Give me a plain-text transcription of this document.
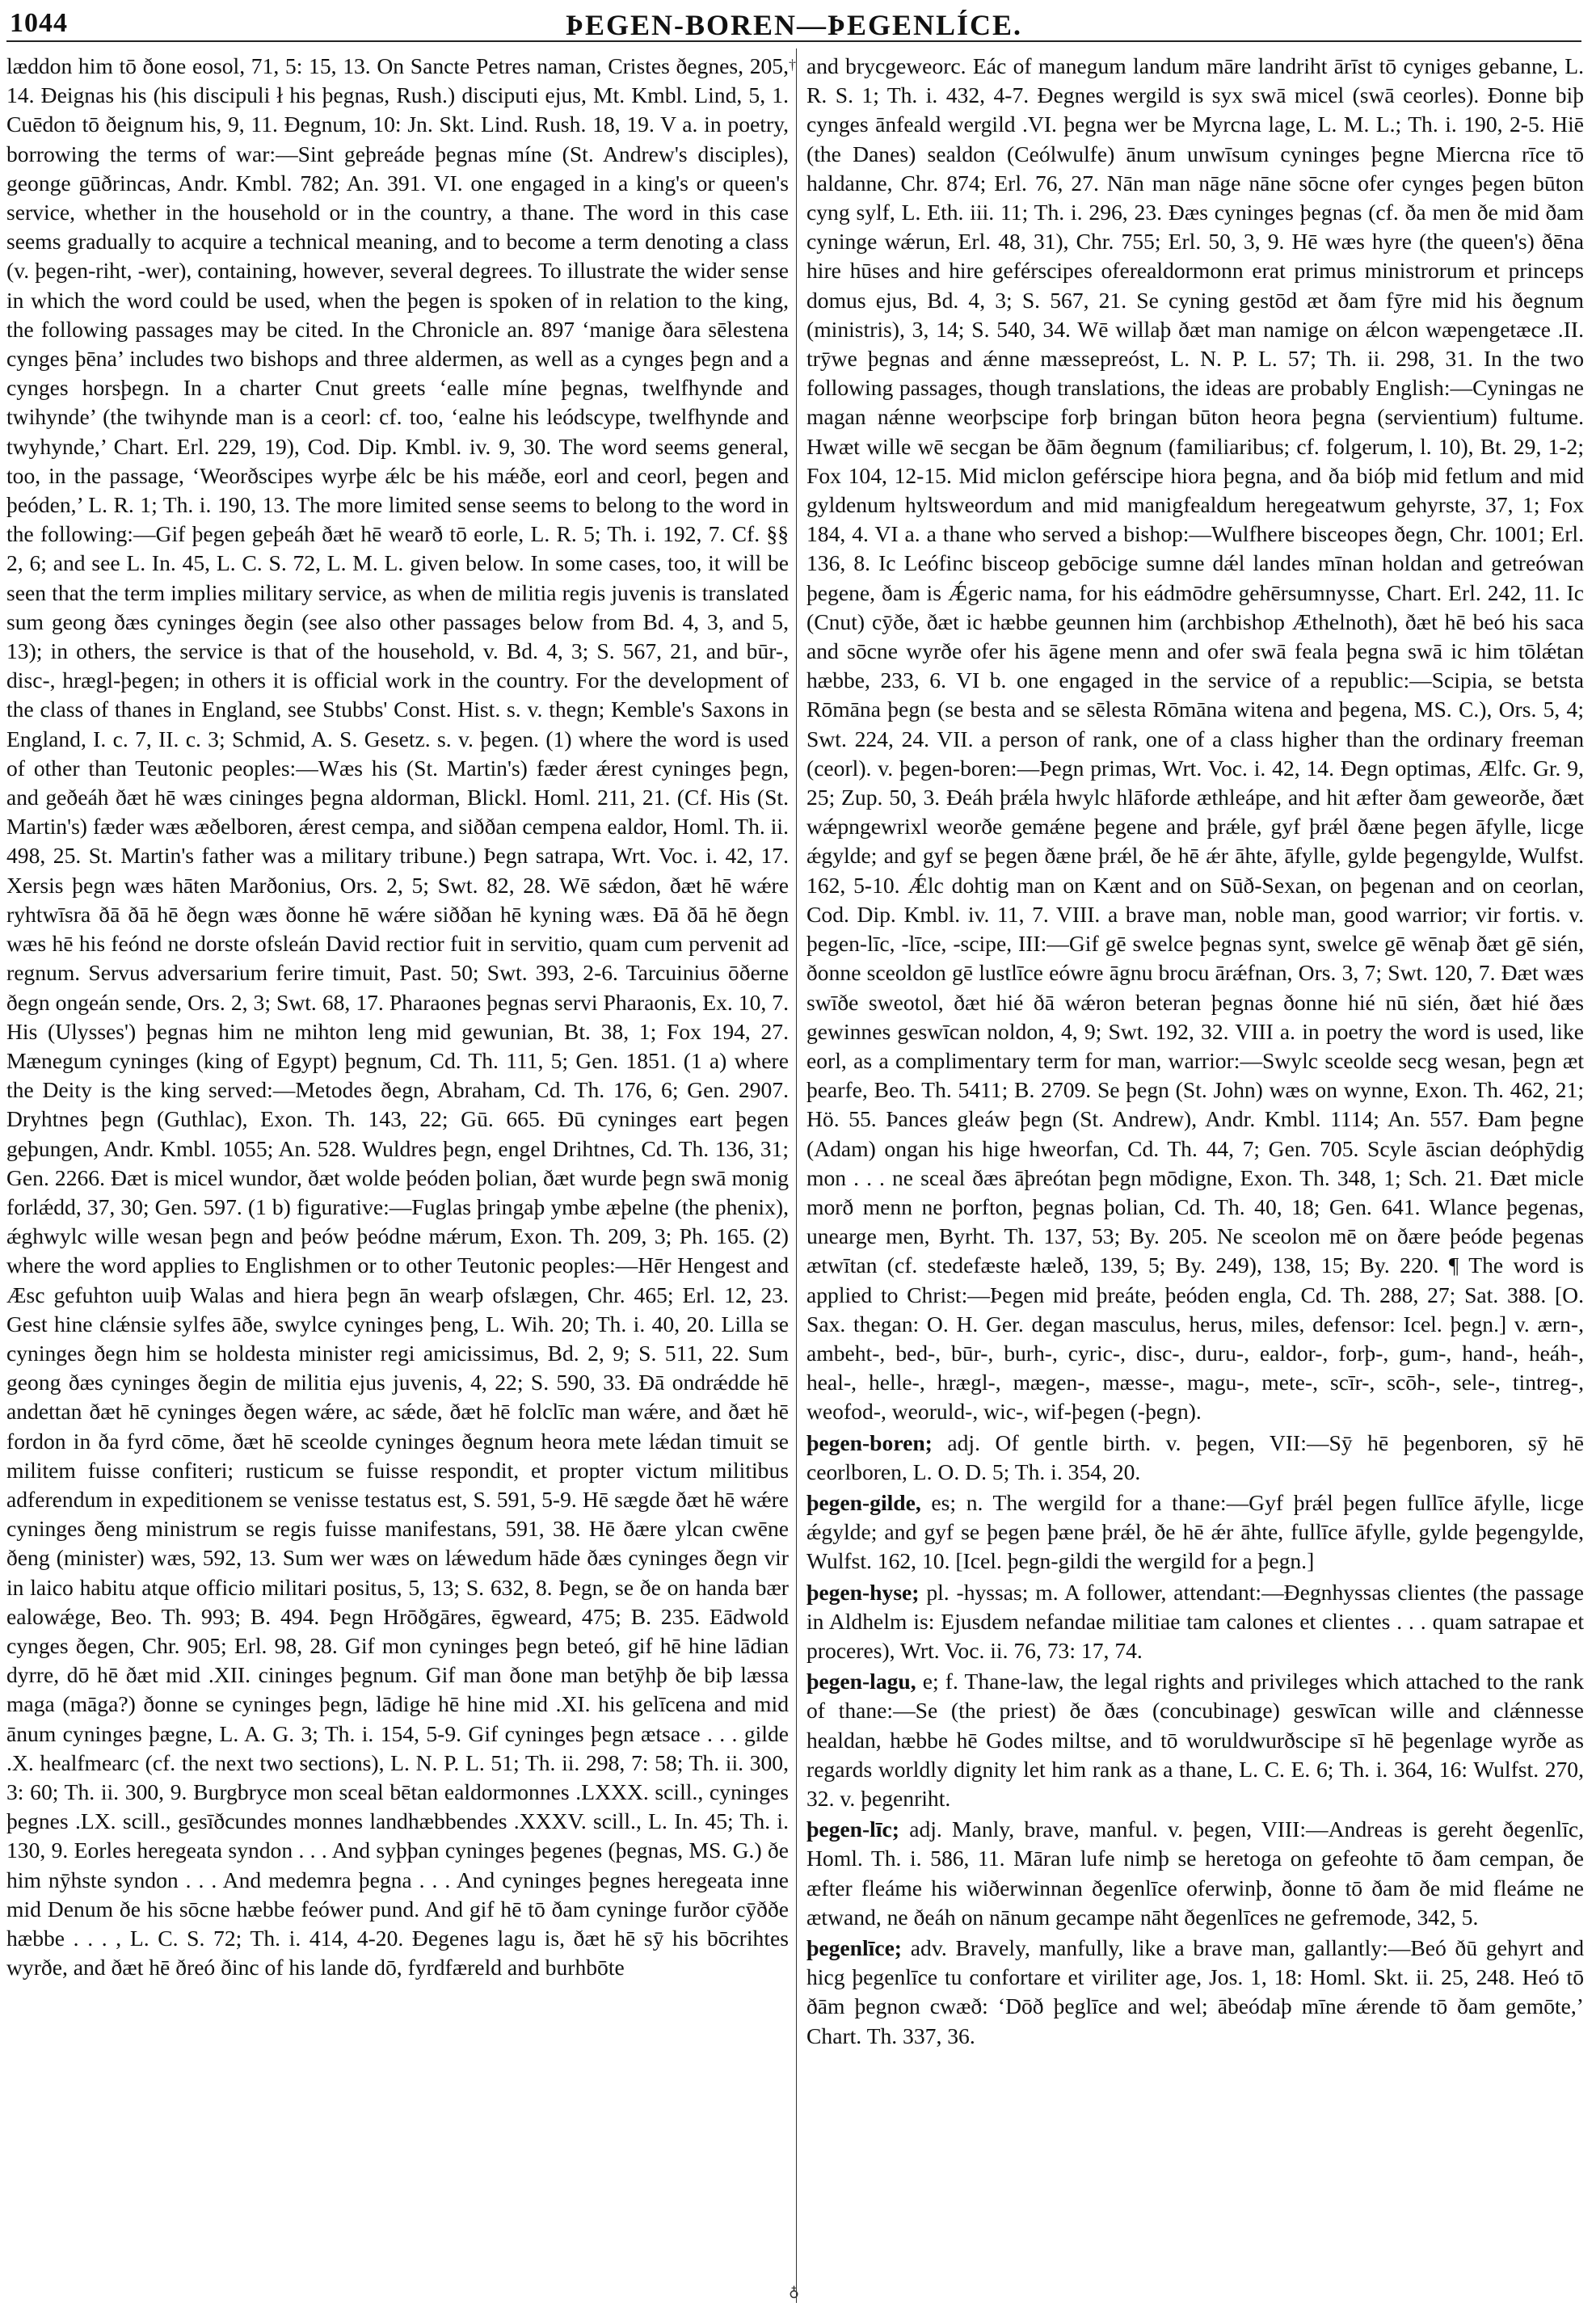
1044	ÞEGEN-BOREN—ÞEGENLÍCE.
†
♁

læddon him tō ðone eosol, 71, 5: 15, 13. On Sancte Petres naman, Cristes ðegnes, 205, 14. Ðeignas his (his discipuli ł his þegnas, Rush.) disciputi ejus, Mt. Kmbl. Lind, 5, 1. Cuēdon tō ðeignum his, 9, 11. Ðegnum, 10: Jn. Skt. Lind. Rush. 18, 19. V a. in poetry, borrowing the terms of war:—Sint geþreáde þegnas míne (St. Andrew's disciples), geonge gūðrincas, Andr. Kmbl. 782; An. 391. VI. one engaged in a king's or queen's service, whether in the household or in the country, a thane. The word in this case seems gradually to acquire a technical meaning, and to become a term denoting a class (v. þegen-riht, -wer), containing, however, several degrees. To illustrate the wider sense in which the word could be used, when the þegen is spoken of in relation to the king, the following passages may be cited. In the Chronicle an. 897 ‘manige ðara sēlestena cynges þēna’ includes two bishops and three aldermen, as well as a cynges þegn and a cynges horsþegn. In a charter Cnut greets ‘ealle míne þegnas, twelfhynde and twihynde’ (the twihynde man is a ceorl: cf. too, ‘ealne his leódscype, twelfhynde and twyhynde,’ Chart. Erl. 229, 19), Cod. Dip. Kmbl. iv. 9, 30. The word seems general, too, in the passage, ‘Weorðscipes wyrþe ǽlc be his mǽðe, eorl and ceorl, þegen and þeóden,’ L. R. 1; Th. i. 190, 13. The more limited sense seems to belong to the word in the following:—Gif þegen geþeáh ðæt hē wearð tō eorle, L. R. 5; Th. i. 192, 7. Cf. §§ 2, 6; and see L. In. 45, L. C. S. 72, L. M. L. given below. In some cases, too, it will be seen that the term implies military service, as when de militia regis juvenis is translated sum geong ðæs cyninges ðegin (see also other passages below from Bd. 4, 3, and 5, 13); in others, the service is that of the household, v. Bd. 4, 3; S. 567, 21, and būr-, disc-, hrægl-þegen; in others it is official work in the country. For the development of the class of thanes in England, see Stubbs' Const. Hist. s. v. thegn; Kemble's Saxons in England, I. c. 7, II. c. 3; Schmid, A. S. Gesetz. s. v. þegen. (1) where the word is used of other than Teutonic peoples:—Wæs his (St. Martin's) fæder ǽrest cyninges þegn, and geðeáh ðæt hē wæs cininges þegna aldorman, Blickl. Homl. 211, 21. (Cf. His (St. Martin's) fæder wæs æðelboren, ǽrest cempa, and siððan cempena ealdor, Homl. Th. ii. 498, 25. St. Martin's father was a military tribune.) Þegn satrapa, Wrt. Voc. i. 42, 17. Xersis þegn wæs hāten Marðonius, Ors. 2, 5; Swt. 82, 28. Wē sǽdon, ðæt hē wǽre ryhtwīsra ðā ðā hē ðegn wæs ðonne hē wǽre siððan hē kyning wæs. Ðā ðā hē ðegn wæs hē his feónd ne dorste ofsleán David rectior fuit in servitio, quam cum pervenit ad regnum. Servus adversarium ferire timuit, Past. 50; Swt. 393, 2-6. Tarcuinius ōðerne ðegn ongeán sende, Ors. 2, 3; Swt. 68, 17. Pharaones þegnas servi Pharaonis, Ex. 10, 7. His (Ulysses') þegnas him ne mihton leng mid gewunian, Bt. 38, 1; Fox 194, 27. Mænegum cyninges (king of Egypt) þegnum, Cd. Th. 111, 5; Gen. 1851. (1 a) where the Deity is the king served:—Metodes ðegn, Abraham, Cd. Th. 176, 6; Gen. 2907. Dryhtnes þegn (Guthlac), Exon. Th. 143, 22; Gū. 665. Ðū cyninges eart þegen geþungen, Andr. Kmbl. 1055; An. 528. Wuldres þegn, engel Drihtnes, Cd. Th. 136, 31; Gen. 2266. Ðæt is micel wundor, ðæt wolde þeóden þolian, ðæt wurde þegn swā monig forlǽdd, 37, 30; Gen. 597. (1 b) figurative:—Fuglas þringaþ ymbe æþelne (the phenix), ǽghwylc wille wesan þegn and þeów þeódne mǽrum, Exon. Th. 209, 3; Ph. 165. (2) where the word applies to Englishmen or to other Teutonic peoples:—Hēr Hengest and Æsc gefuhton uuiþ Walas and hiera þegn ān wearþ ofslægen, Chr. 465; Erl. 12, 23. Gest hine clǽnsie sylfes āðe, swylce cyninges þeng, L. Wih. 20; Th. i. 40, 20. Lilla se cyninges ðegn him se holdesta minister regi amicissimus, Bd. 2, 9; S. 511, 22. Sum geong ðæs cyninges ðegin de militia ejus juvenis, 4, 22; S. 590, 33. Ðā ondrǽdde hē andettan ðæt hē cyninges ðegen wǽre, ac sǽde, ðæt hē folclīc man wǽre, and ðæt hē fordon in ða fyrd cōme, ðæt hē sceolde cyninges ðegnum heora mete lǽdan timuit se militem fuisse confiteri; rusticum se fuisse respondit, et propter victum militibus adferendum in expeditionem se venisse testatus est, S. 591, 5-9. Hē sægde ðæt hē wǽre cyninges ðeng ministrum se regis fuisse manifestans, 591, 38. Hē ðære ylcan cwēne ðeng (minister) wæs, 592, 13. Sum wer wæs on lǽwedum hāde ðæs cyninges ðegn vir in laico habitu atque officio militari positus, 5, 13; S. 632, 8. Þegn, se ðe on handa bær ealowǽge, Beo. Th. 993; B. 494. Þegn Hrōðgāres, ēgweard, 475; B. 235. Eādwold cynges ðegen, Chr. 905; Erl. 98, 28. Gif mon cyninges þegn beteó, gif hē hine lādian dyrre, dō hē ðæt mid .XII. cininges þegnum. Gif man ðone man betȳhþ ðe biþ læssa maga (māga?) ðonne se cyninges þegn, lādige hē hine mid .XI. his gelīcena and mid ānum cyninges þægne, L. A. G. 3; Th. i. 154, 5-9. Gif cyninges þegn ætsace . . . gilde .X. healfmearc (cf. the next two sections), L. N. P. L. 51; Th. ii. 298, 7: 58; Th. ii. 300, 3: 60; Th. ii. 300, 9. Burgbryce mon sceal bētan ealdormonnes .LXXX. scill., cyninges þegnes .LX. scill., gesīðcundes monnes landhæbbendes .XXXV. scill., L. In. 45; Th. i. 130, 9. Eorles heregeata syndon . . . And syþþan cyninges þegenes (þegnas, MS. G.) ðe him nȳhste syndon . . . And medemra þegna . . . And cyninges þegnes heregeata inne mid Denum ðe his sōcne hæbbe feówer pund. And gif hē tō ðam cyninge furðor cȳððe hæbbe . . . , L. C. S. 72; Th. i. 414, 4-20. Ðegenes lagu is, ðæt hē sȳ his bōcrihtes wyrðe, and ðæt hē ðreó ðinc of his lande dō, fyrdfæreld and burhbōte

and brycgeweorc. Eác of manegum landum māre landriht ārīst tō cyniges gebanne, L. R. S. 1; Th. i. 432, 4-7. Ðegnes wergild is syx swā micel (swā ceorles). Ðonne biþ cynges ānfeald wergild .VI. þegna wer be Myrcna lage, L. M. L.; Th. i. 190, 2-5. Hiē (the Danes) sealdon (Ceólwulfe) ānum unwīsum cyninges þegne Miercna rīce tō haldanne, Chr. 874; Erl. 76, 27. Nān man nāge nāne sōcne ofer cynges þegen būton cyng sylf, L. Eth. iii. 11; Th. i. 296, 23. Ðæs cyninges þegnas (cf. ða men ðe mid ðam cyninge wǽrun, Erl. 48, 31), Chr. 755; Erl. 50, 3, 9. Hē wæs hyre (the queen's) ðēna hire hūses and hire geférscipes oferealdormonn erat primus ministrorum et princeps domus ejus, Bd. 4, 3; S. 567, 21. Se cyning gestōd æt ðam fȳre mid his ðegnum (ministris), 3, 14; S. 540, 34. Wē willaþ ðæt man namige on ǽlcon wæpengetæce .II. trȳwe þegnas and ǽnne mæssepreóst, L. N. P. L. 57; Th. ii. 298, 31. In the two following passages, though translations, the ideas are probably English:—Cyningas ne magan nǽnne weorþscipe forþ bringan būton heora þegna (servientium) fultume. Hwæt wille wē secgan be ðām ðegnum (familiaribus; cf. folgerum, l. 10), Bt. 29, 1-2; Fox 104, 12-15. Mid miclon geférscipe hiora þegna, and ða bióþ mid fetlum and mid gyldenum hyltsweordum and mid manigfealdum heregeatwum gehyrste, 37, 1; Fox 184, 4. VI a. a thane who served a bishop:—Wulfhere bisceopes ðegn, Chr. 1001; Erl. 136, 8. Ic Leófinc bisceop gebōcige sumne dǽl landes mīnan holdan and getreówan þegene, ðam is Ǽgeric nama, for his eádmōdre gehērsumnysse, Chart. Erl. 242, 11. Ic (Cnut) cȳðe, ðæt ic hæbbe geunnen him (archbishop Æthelnoth), ðæt hē beó his saca and sōcne wyrðe ofer his āgene menn and ofer swā feala þegna swā ic him tōlǽtan hæbbe, 233, 6. VI b. one engaged in the service of a republic:—Scipia, se betsta Rōmāna þegn (se besta and se sēlesta Rōmāna witena and þegena, MS. C.), Ors. 5, 4; Swt. 224, 24. VII. a person of rank, one of a class higher than the ordinary freeman (ceorl). v. þegen-boren:—Þegn primas, Wrt. Voc. i. 42, 14. Ðegn optimas, Ælfc. Gr. 9, 25; Zup. 50, 3. Ðeáh þrǽla hwylc hlāforde æthleápe, and hit æfter ðam geweorðe, ðæt wǽpngewrixl weorðe gemǽne þegene and þrǽle, gyf þrǽl ðæne þegen āfylle, licge ǽgylde; and gyf se þegen ðæne þrǽl, ðe hē ǽr āhte, āfylle, gylde þegengylde, Wulfst. 162, 5-10. Ǽlc dohtig man on Kænt and on Sūð-Sexan, on þegenan and on ceorlan, Cod. Dip. Kmbl. iv. 11, 7. VIII. a brave man, noble man, good warrior; vir fortis. v. þegen-līc, -līce, -scipe, III:—Gif gē swelce þegnas synt, swelce gē wēnaþ ðæt gē sién, ðonne sceoldon gē lustlīce eówre āgnu brocu ārǽfnan, Ors. 3, 7; Swt. 120, 7. Ðæt wæs swīðe sweotol, ðæt hié ðā wǽron beteran þegnas ðonne hié nū sién, ðæt hié ðæs gewinnes geswīcan noldon, 4, 9; Swt. 192, 32. VIII a. in poetry the word is used, like eorl, as a complimentary term for man, warrior:—Swylc sceolde secg wesan, þegn æt þearfe, Beo. Th. 5411; B. 2709. Se þegn (St. John) wæs on wynne, Exon. Th. 462, 21; Hö. 55. Þances gleáw þegn (St. Andrew), Andr. Kmbl. 1114; An. 557. Ðam þegne (Adam) ongan his hige hweorfan, Cd. Th. 44, 7; Gen. 705. Scyle āscian deóphȳdig mon . . . ne sceal ðæs āþreótan þegn mōdigne, Exon. Th. 348, 1; Sch. 21. Ðæt micle morð menn ne þorfton, þegnas þolian, Cd. Th. 40, 18; Gen. 641. Wlance þegenas, unearge men, Byrht. Th. 137, 53; By. 205. Ne sceolon mē on ðære þeóde þegenas ætwītan (cf. stedefæste hæleð, 139, 5; By. 249), 138, 15; By. 220. ¶ The word is applied to Christ:—Þegen mid þreáte, þeóden engla, Cd. Th. 288, 27; Sat. 388. [O. Sax. thegan: O. H. Ger. degan masculus, herus, miles, defensor: Icel. þegn.] v. ærn-, ambeht-, bed-, būr-, burh-, cyric-, disc-, duru-, ealdor-, forþ-, gum-, hand-, heáh-, heal-, helle-, hrægl-, mægen-, mæsse-, magu-, mete-, scīr-, scōh-, sele-, tintreg-, weofod-, weoruld-, wic-, wif-þegen (-þegn).

þegen-boren; adj. Of gentle birth. v. þegen, VII:—Sȳ hē þegenboren, sȳ hē ceorlboren, L. O. D. 5; Th. i. 354, 20.

þegen-gilde, es; n. The wergild for a thane:—Gyf þrǽl þegen fullīce āfylle, licge ǽgylde; and gyf se þegen þæne þrǽl, ðe hē ǽr āhte, fullīce āfylle, gylde þegengylde, Wulfst. 162, 10. [Icel. þegn-gildi the wergild for a þegn.]

þegen-hyse; pl. -hyssas; m. A follower, attendant:—Ðegnhyssas clientes (the passage in Aldhelm is: Ejusdem nefandae militiae tam calones et clientes . . . quam satrapae et proceres), Wrt. Voc. ii. 76, 73: 17, 74.

þegen-lagu, e; f. Thane-law, the legal rights and privileges which attached to the rank of thane:—Se (the priest) ðe ðæs (concubinage) geswīcan wille and clǽnnesse healdan, hæbbe hē Godes miltse, and tō woruldwurðscipe sī hē þegenlage wyrðe as regards worldly dignity let him rank as a thane, L. C. E. 6; Th. i. 364, 16: Wulfst. 270, 32. v. þegenriht.

þegen-līc; adj. Manly, brave, manful. v. þegen, VIII:—Andreas is gereht ðegenlīc, Homl. Th. i. 586, 11. Māran lufe nimþ se heretoga on gefeohte tō ðam cempan, ðe æfter fleáme his wiðerwinnan ðegenlīce oferwinþ, ðonne tō ðam ðe mid fleáme ne ætwand, ne ðeáh on nānum gecampe nāht ðegenlīces ne gefremode, 342, 5.

þegenlīce; adv. Bravely, manfully, like a brave man, gallantly:—Beó ðū gehyrt and hicg þegenlīce tu confortare et viriliter age, Jos. 1, 18: Homl. Skt. ii. 25, 248. Heó tō ðām þegnon cwæð: ‘Dōð þeglīce and wel; ābeódaþ mīne ǽrende tō ðam gemōte,’ Chart. Th. 337, 36.
